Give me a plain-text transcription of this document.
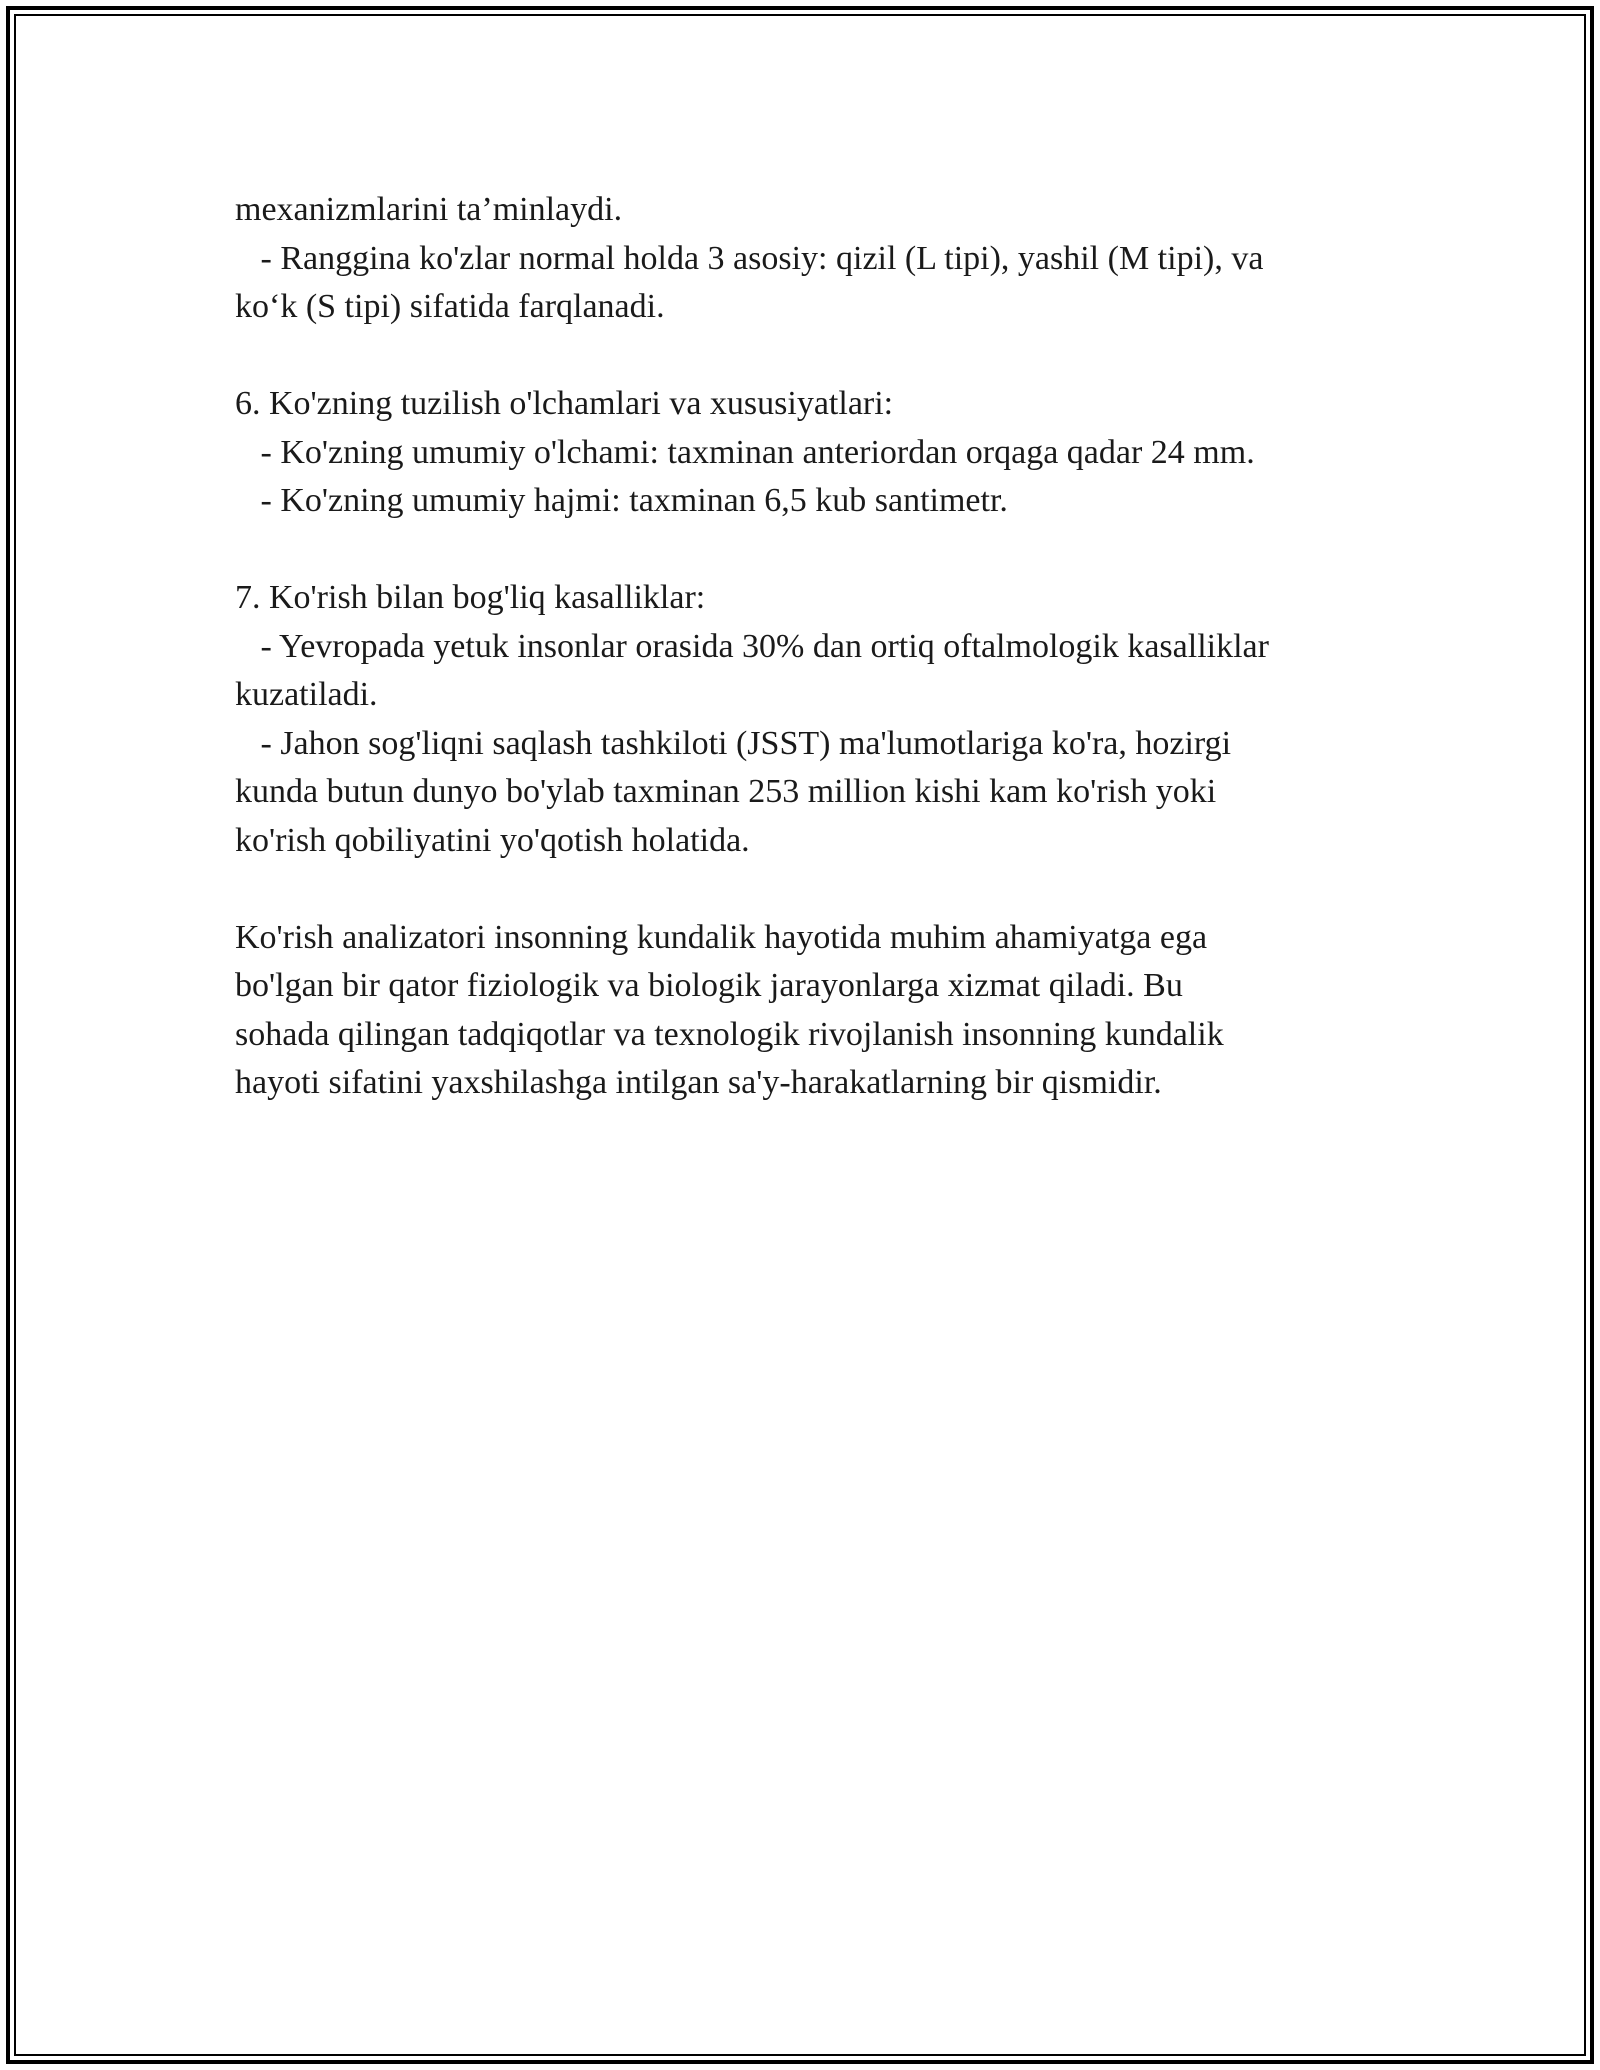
mexanizmlarini ta’minlaydi.
- Ranggina ko'zlar normal holda 3 asosiy: qizil (L tipi), yashil (M tipi), va
ko‘k (S tipi) sifatida farqlanadi.
6. Ko'zning tuzilish o'lchamlari va xususiyatlari:
- Ko'zning umumiy o'lchami: taxminan anteriordan orqaga qadar 24 mm.
- Ko'zning umumiy hajmi: taxminan 6,5 kub santimetr.
7. Ko'rish bilan bog'liq kasalliklar:
- Yevropada yetuk insonlar orasida 30% dan ortiq oftalmologik kasalliklar
kuzatiladi.
- Jahon sog'liqni saqlash tashkiloti (JSST) ma'lumotlariga ko'ra, hozirgi
kunda butun dunyo bo'ylab taxminan 253 million kishi kam ko'rish yoki
ko'rish qobiliyatini yo'qotish holatida.
Ko'rish analizatori insonning kundalik hayotida muhim ahamiyatga ega
bo'lgan bir qator fiziologik va biologik jarayonlarga xizmat qiladi. Bu
sohada qilingan tadqiqotlar va texnologik rivojlanish insonning kundalik
hayoti sifatini yaxshilashga intilgan sa'y-harakatlarning bir qismidir.
